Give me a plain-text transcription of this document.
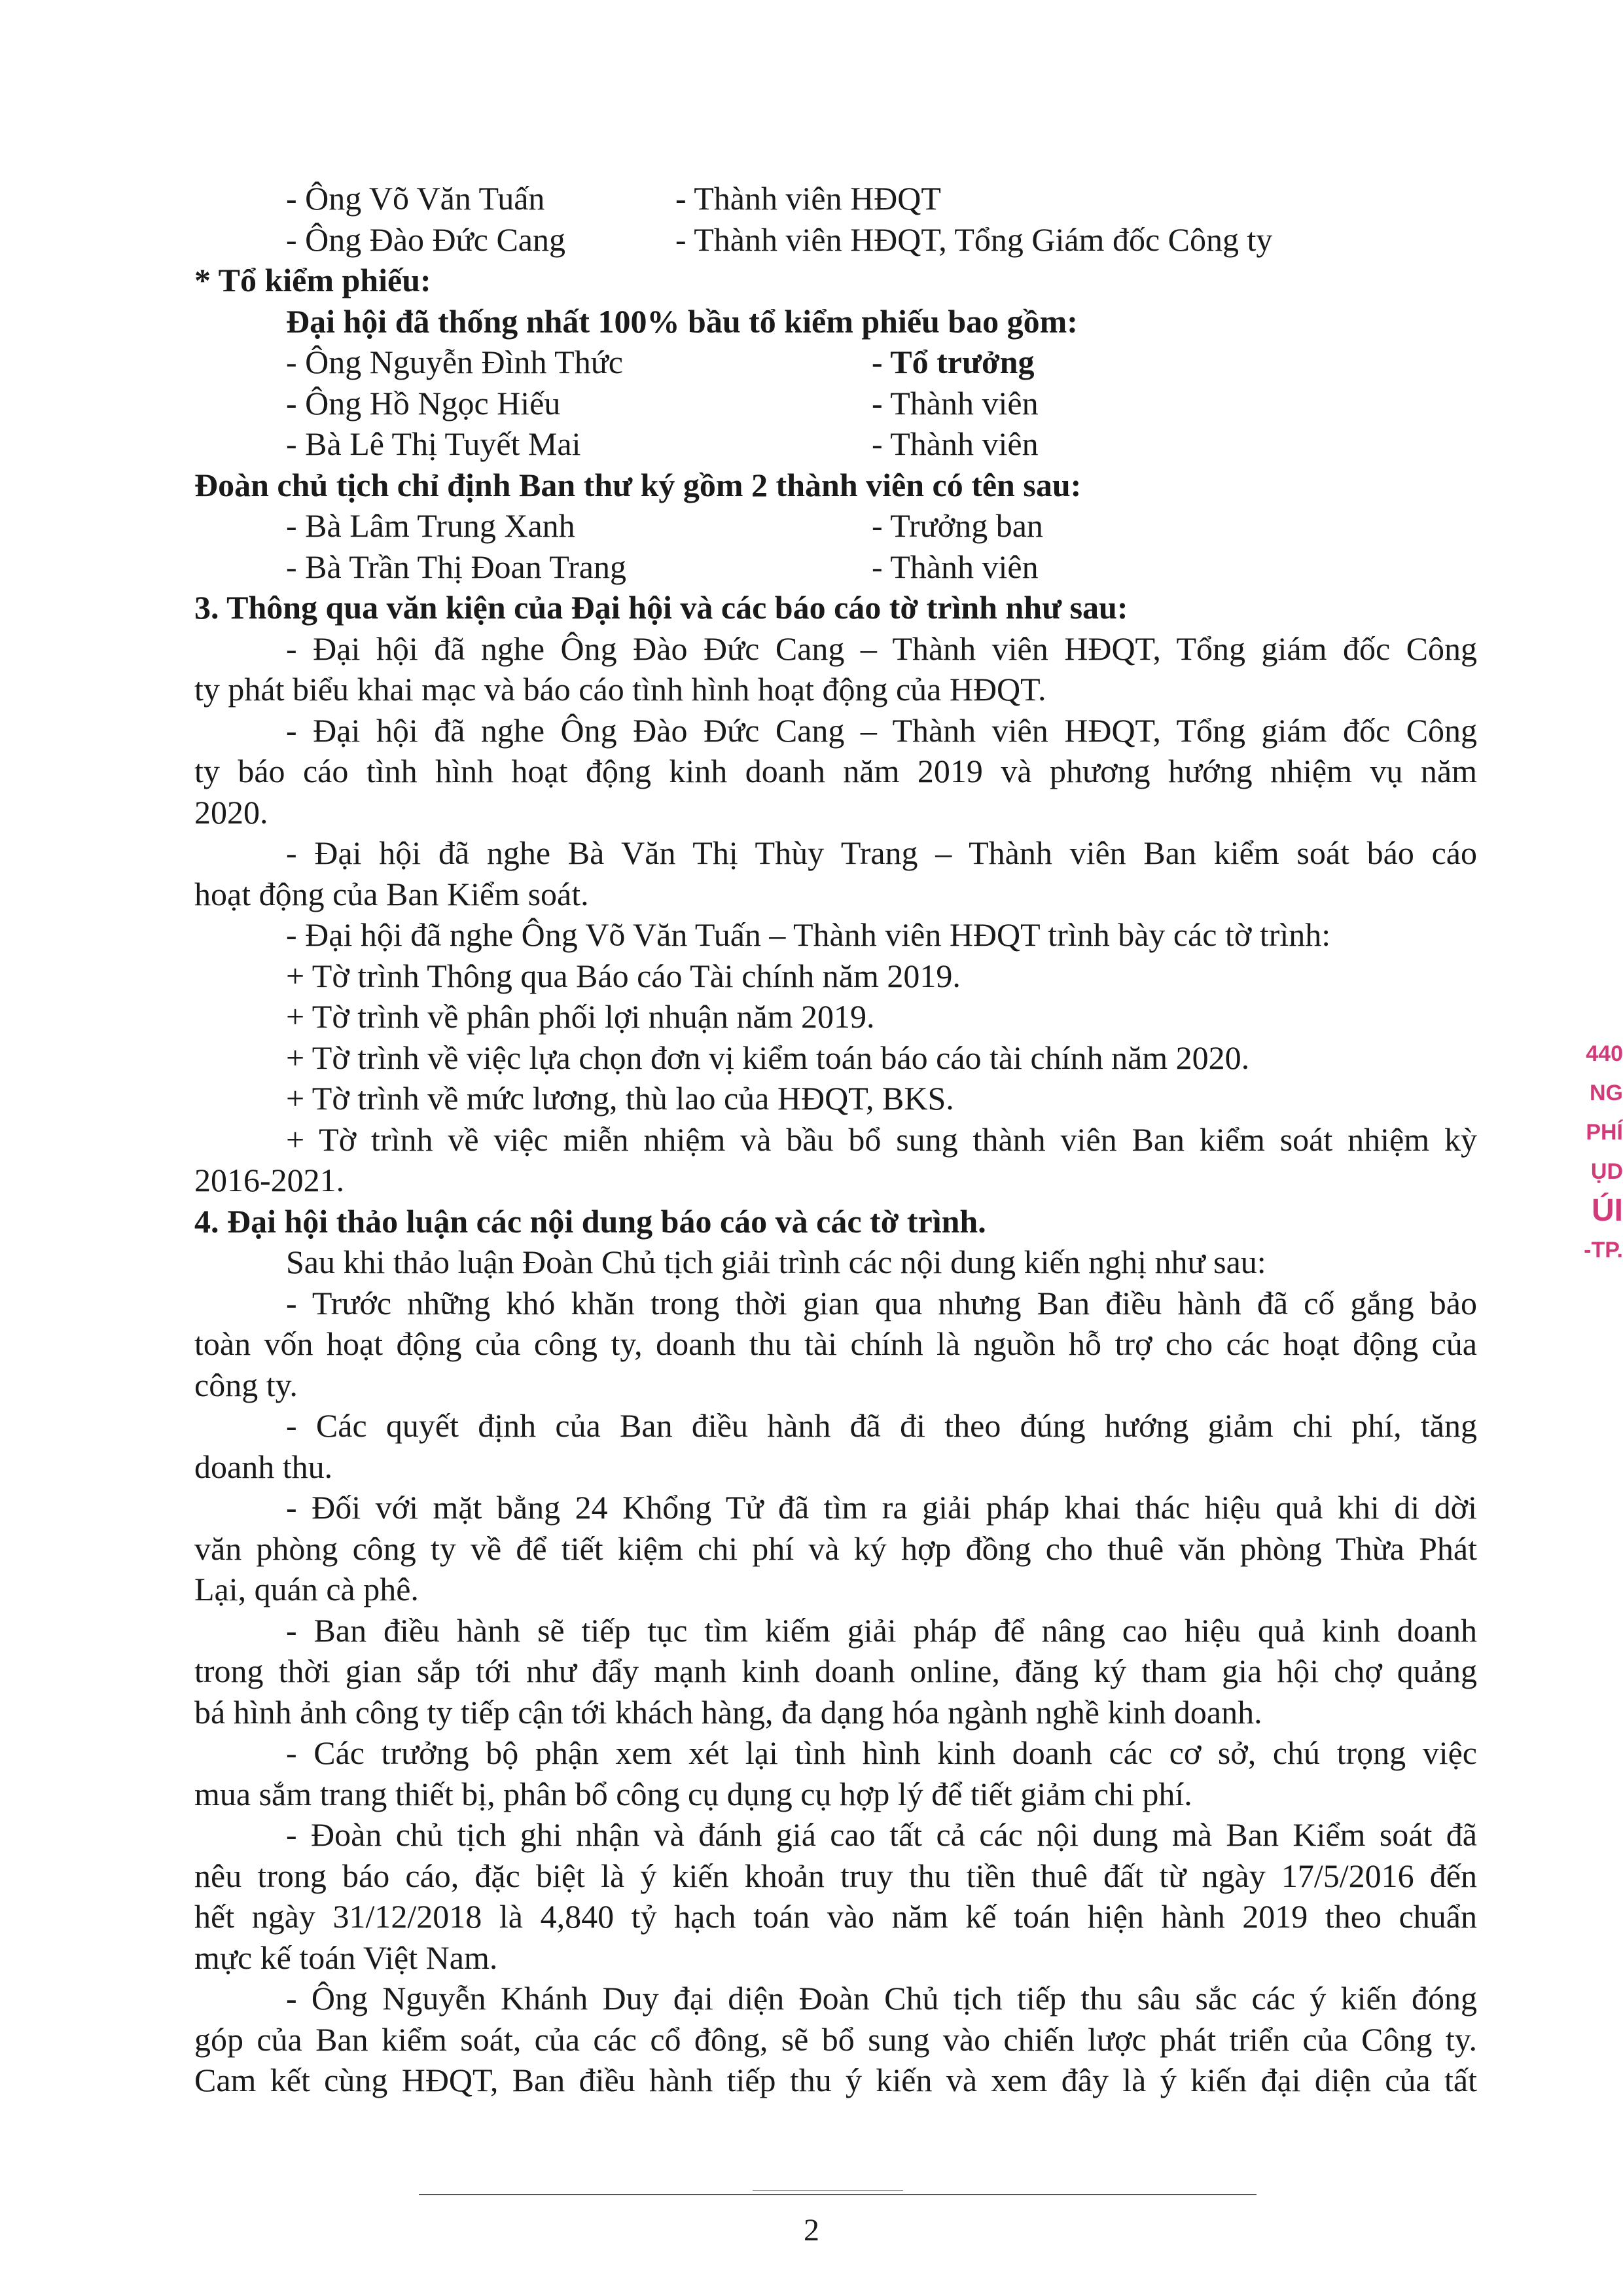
- Ông Võ Văn Tuấn	- Thành viên HĐQT
- Ông Đào Đức Cang	- Thành viên HĐQT, Tổng Giám đốc Công ty
* Tổ kiểm phiếu:
Đại hội đã thống nhất 100% bầu tổ kiểm phiếu bao gồm:
- Ông Nguyễn Đình Thức	- Tổ trưởng
- Ông Hồ Ngọc Hiếu	- Thành viên
- Bà Lê Thị Tuyết Mai	- Thành viên
Đoàn chủ tịch chỉ định Ban thư ký gồm 2 thành viên có tên sau:
- Bà Lâm Trung Xanh	- Trưởng ban
- Bà Trần Thị Đoan Trang	- Thành viên
3. Thông qua văn kiện của Đại hội và các báo cáo tờ trình như sau:
- Đại hội đã nghe Ông Đào Đức Cang – Thành viên HĐQT, Tổng giám đốc Công
ty phát biểu khai mạc và báo cáo tình hình hoạt động của HĐQT.
- Đại hội đã nghe Ông Đào Đức Cang – Thành viên HĐQT, Tổng giám đốc Công
ty báo cáo tình hình hoạt động kinh doanh năm 2019 và phương hướng nhiệm vụ năm
2020.
- Đại hội đã nghe Bà Văn Thị Thùy Trang – Thành viên Ban kiểm soát báo cáo
hoạt động của Ban Kiểm soát.
- Đại hội đã nghe Ông Võ Văn Tuấn – Thành viên HĐQT trình bày các tờ trình:
+ Tờ trình Thông qua Báo cáo Tài chính năm 2019.
+ Tờ trình về phân phối lợi nhuận năm 2019.
+ Tờ trình về việc lựa chọn đơn vị kiểm toán báo cáo tài chính năm 2020.
+ Tờ trình về mức lương, thù lao của HĐQT, BKS.
+ Tờ trình về việc miễn nhiệm và bầu bổ sung thành viên Ban kiểm soát nhiệm kỳ
2016-2021.
4. Đại hội thảo luận các nội dung báo cáo và các tờ trình.
Sau khi thảo luận Đoàn Chủ tịch giải trình các nội dung kiến nghị như sau:
- Trước những khó khăn trong thời gian qua nhưng Ban điều hành đã cố gắng bảo
toàn vốn hoạt động của công ty, doanh thu tài chính là nguồn hỗ trợ cho các hoạt động của
công ty.
- Các quyết định của Ban điều hành đã đi theo đúng hướng giảm chi phí, tăng
doanh thu.
- Đối với mặt bằng 24 Khổng Tử đã tìm ra giải pháp khai thác hiệu quả khi di dời
văn phòng công ty về để tiết kiệm chi phí và ký hợp đồng cho thuê văn phòng Thừa Phát
Lại, quán cà phê.
- Ban điều hành sẽ tiếp tục tìm kiếm giải pháp để nâng cao hiệu quả kinh doanh
trong thời gian sắp tới như đẩy mạnh kinh doanh online, đăng ký tham gia hội chợ quảng
bá hình ảnh công ty tiếp cận tới khách hàng, đa dạng hóa ngành nghề kinh doanh.
- Các trưởng bộ phận xem xét lại tình hình kinh doanh các cơ sở, chú trọng việc
mua sắm trang thiết bị, phân bổ công cụ dụng cụ hợp lý để tiết giảm chi phí.
- Đoàn chủ tịch ghi nhận và đánh giá cao tất cả các nội dung mà Ban Kiểm soát đã
nêu trong báo cáo, đặc biệt là ý kiến khoản truy thu tiền thuê đất từ ngày 17/5/2016 đến
hết ngày 31/12/2018 là 4,840 tỷ hạch toán vào năm kế toán hiện hành 2019 theo chuẩn
mực kế toán Việt Nam.
- Ông Nguyễn Khánh Duy đại diện Đoàn Chủ tịch tiếp thu sâu sắc các ý kiến đóng
góp của Ban kiểm soát, của các cổ đông, sẽ bổ sung vào chiến lược phát triển của Công ty.
Cam kết cùng HĐQT, Ban điều hành tiếp thu ý kiến và xem đây là ý kiến đại diện của tất
440
NG
PHÍ
ỤD
ÚI
-TP.
2
